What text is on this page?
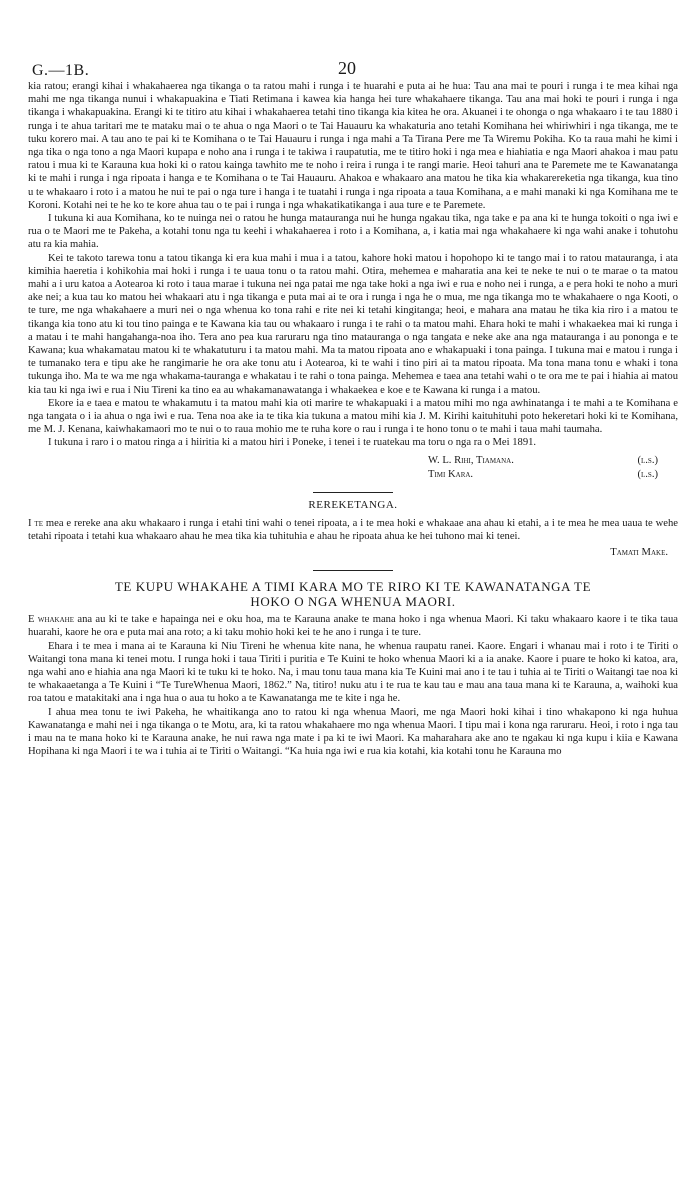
G.—1B.	20

kia ratou; erangi kihai i whakahaerea nga tikanga o ta ratou mahi i runga i te huarahi e puta ai he hua: Tau ana mai te pouri i runga i te mea kihai nga mahi me nga tikanga nunui i whakapuakina e Tiati Retimana i kawea kia hanga hei ture whakahaere tikanga. Tau ana mai hoki te pouri i runga i nga tikanga i whakapuakina. Erangi ki te titiro atu kihai i whakahaerea tetahi tino tikanga kia kitea he ora. Akuanei i te ohonga o nga whakaaro i te tau 1880 i runga i te ahua taritari me te mataku mai o te ahua o nga Maori o te Tai Hauauru ka whakaturia ano tetahi Komihana hei whiriwhiri i nga tikanga, me te tuku korero mai. A tau ano te pai ki te Komihana o te Tai Hauauru i runga i nga mahi a Ta Tirana Pere me Ta Wiremu Pokiha. Ko ta raua mahi he kimi i nga tika o nga tono a nga Maori kupapa e noho ana i runga i te takiwa i raupatutia, me te titiro hoki i nga mea e hiahiatia e nga Maori ahakoa i mau patu ratou i mua ki te Karauna kua hoki ki o ratou kainga tawhito me te noho i reira i runga i te rangi marie. Heoi tahuri ana te Paremete me te Kawanatanga ki te mahi i runga i nga ripoata i hanga e te Komihana o te Tai Hauauru. Ahakoa e whakaaro ana matou he tika kia whakarereketia nga tikanga, kua tino u te whakaaro i roto i a matou he nui te pai o nga ture i hanga i te tuatahi i runga i nga ripoata a taua Komihana, a e mahi manaki ki nga Komihana me te Koroni. Kotahi nei te he ko te kore ahua tau o te pai i runga i nga whakatikatikanga i aua ture e te Paremete.

I tukuna ki aua Komihana, ko te nuinga nei o ratou he hunga matauranga nui he hunga ngakau tika, nga take e pa ana ki te hunga tokoiti o nga iwi e rua o te Maori me te Pakeha, a kotahi tonu nga tu keehi i whakahaerea i roto i a Komihana, a, i katia mai nga whakahaere ki nga wahi anake i tohutohu atu ra kia mahia.

Kei te takoto tarewa tonu a tatou tikanga ki era kua mahi i mua i a tatou, kahore hoki matou i hopohopo ki te tango mai i to ratou matauranga, i ata kimihia haeretia i kohikohia mai hoki i runga i te uaua tonu o ta ratou mahi. Otira, mehemea e maharatia ana kei te neke te nui o te marae o ta matou mahi a i uru katoa a Aotearoa ki roto i taua marae i tukuna nei nga patai me nga take hoki a nga iwi e rua e noho nei i runga, a e pera hoki te noho a muri ake nei; a kua tau ko matou hei whakaari atu i nga tikanga e puta mai ai te ora i runga i nga he o mua, me nga tikanga mo te whakahaere o nga Kooti, o te ture, me nga whakahaere a muri nei o nga whenua ko tona rahi e rite nei ki tetahi kingitanga; heoi, e mahara ana matau he tika kia riro i a matou te tikanga kia tono atu ki tou tino painga e te Kawana kia tau ou whakaaro i runga i te rahi o ta matou mahi. Ehara hoki te mahi i whakaekea mai ki runga i a matau i te mahi hangahanga-noa iho. Tera ano pea kua raruraru nga tino matauranga o nga tangata e neke ake ana nga matauranga i au pononga e te Kawana; kua whakamatau matou ki te whakatuturu i ta matou mahi. Ma ta matou ripoata ano e whakapuaki i tona painga. I tukuna mai e matou i runga i te tumanako tera e tipu ake he rangimarie he ora ake tonu atu i Aotearoa, ki te wahi i tino piri ai ta matou ripoata. Ma tona mana tonu e whaki i tona tukunga iho. Ma te wa me nga whakama-tauranga e whakatau i te rahi o tona painga. Mehemea e taea ana tetahi wahi o te ora me te pai i hiahia ai matou kia tau ki nga iwi e rua i Niu Tireni ka tino ea au whakamanawatanga i whakaekea e koe e te Kawana ki runga i a matou.

Ekore ia e taea e matou te whakamutu i ta matou mahi kia oti marire te whakapuaki i a matou mihi mo nga awhinatanga i te mahi a te Komihana e nga tangata o i ia ahua o nga iwi e rua. Tena noa ake ia te tika kia tukuna a matou mihi kia J. M. Kirihi kaituhituhi poto hekeretari hoki ki te Komihana, me M. J. Kenana, kaiwhakamaori mo te nui o to raua mohio me te ruha kore o rau i runga i te hono tonu o te mahi i taua mahi taumaha.

I tukuna i raro i o matou ringa a i hiiritia ki a matou hiri i Poneke, i tenei i te ruatekau ma toru o nga ra o Mei 1891.

W. L. Rihi, Tiamana.	(l.s.)
Timi Kara.	(l.s.)
REREKETANGA.

I te mea e rereke ana aku whakaaro i runga i etahi tini wahi o tenei ripoata, a i te mea hoki e whakaae ana ahau ki etahi, a i te mea he mea uaua te wehe tetahi ripoata i tetahi kua whakaaro ahau he mea tika kia tuhituhia e ahau he ripoata ahua ke hei tuhono mai ki tenei.

Tamati Make.
TE KUPU WHAKAHE A TIMI KARA MO TE RIRO KI TE KAWANATANGA TE
HOKO O NGA WHENUA MAORI.

E whakahe ana au ki te take e hapainga nei e oku hoa, ma te Karauna anake te mana hoko i nga whenua Maori. Ki taku whakaaro kaore i te tika taua huarahi, kaore he ora e puta mai ana roto; a ki taku mohio hoki kei te he ano i runga i te ture.

Ehara i te mea i mana ai te Karauna ki Niu Tireni he whenua kite nana, he whenua raupatu ranei. Kaore. Engari i whanau mai i roto i te Tiriti o Waitangi tona mana ki tenei motu. I runga hoki i taua Tiriti i puritia e Te Kuini te hoko whenua Maori ki a ia anake. Kaore i puare te hoko ki katoa, ara, nga wahi ano e hiahia ana nga Maori ki te tuku ki te hoko. Na, i mau tonu taua mana kia Te Kuini mai ano i te tau i tuhia ai te Tiriti o Waitangi tae noa ki te whakaaetanga a Te Kuini i “Te TureWhenua Maori, 1862.” Na, titiro! nuku atu i te rua te kau tau e mau ana taua mana ki te Karauna, a, waihoki kua roa tatou e matakitaki ana i nga hua o aua tu hoko a te Kawanatanga me te kite i nga he.

I ahua mea tonu te iwi Pakeha, he whaitikanga ano to ratou ki nga whenua Maori, me nga Maori hoki kihai i tino whakapono ki nga huhua Kawanatanga e mahi nei i nga tikanga o te Motu, ara, ki ta ratou whakahaere mo nga whenua Maori. I tipu mai i kona nga raruraru. Heoi, i roto i nga tau i mau na te mana hoko ki te Karauna anake, he nui rawa nga mate i pa ki te iwi Maori. Ka maharahara ake ano te ngakau ki nga kupu i kiia e Kawana Hopihana ki nga Maori i te wa i tuhia ai te Tiriti o Waitangi. “Ka huia nga iwi e rua kia kotahi, kia kotahi tonu he Karauna mo
